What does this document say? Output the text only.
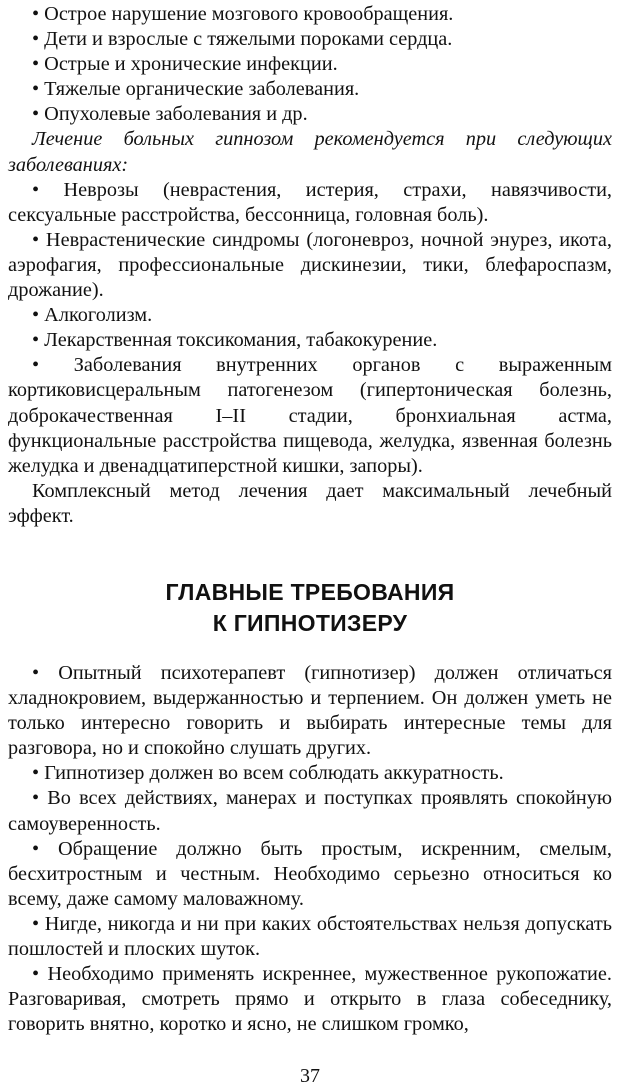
• Острое нарушение мозгового кровообращения.

• Дети и взрослые с тяжелыми пороками сердца.

• Острые и хронические инфекции.

• Тяжелые органические заболевания.

• Опухолевые заболевания и др.

Лечение больных гипнозом рекомендуется при следующих заболеваниях:

• Неврозы (неврастения, истерия, страхи, навязчивости, сексуальные расстройства, бессонница, головная боль).

• Неврастенические синдромы (логоневроз, ночной энурез, икота, аэрофагия, профессиональные дискинезии, тики, блефароспазм, дрожание).

• Алкоголизм.

• Лекарственная токсикомания, табакокурение.

• Заболевания внутренних органов с выраженным кортиковисцеральным патогенезом (гипертоническая болезнь, доброкачественная I–II стадии, бронхиальная астма, функциональные расстройства пищевода, желудка, язвенная болезнь желудка и двенадцатиперстной кишки, запоры).

Комплексный метод лечения дает максимальный лечебный эффект.

ГЛАВНЫЕ ТРЕБОВАНИЯ
К ГИПНОТИЗЕРУ

• Опытный психотерапевт (гипнотизер) должен отличаться хладнокровием, выдержанностью и терпением. Он должен уметь не только интересно говорить и выбирать интересные темы для разговора, но и спокойно слушать других.

• Гипнотизер должен во всем соблюдать аккуратность.

• Во всех действиях, манерах и поступках проявлять спокойную самоуверенность.

• Обращение должно быть простым, искренним, смелым, бесхитростным и честным. Необходимо серьезно относиться ко всему, даже самому маловажному.

• Нигде, никогда и ни при каких обстоятельствах нельзя допускать пошлостей и плоских шуток.

• Необходимо применять искреннее, мужественное рукопожатие. Разговаривая, смотреть прямо и открыто в глаза собеседнику, говорить внятно, коротко и ясно, не слишком громко,

37
